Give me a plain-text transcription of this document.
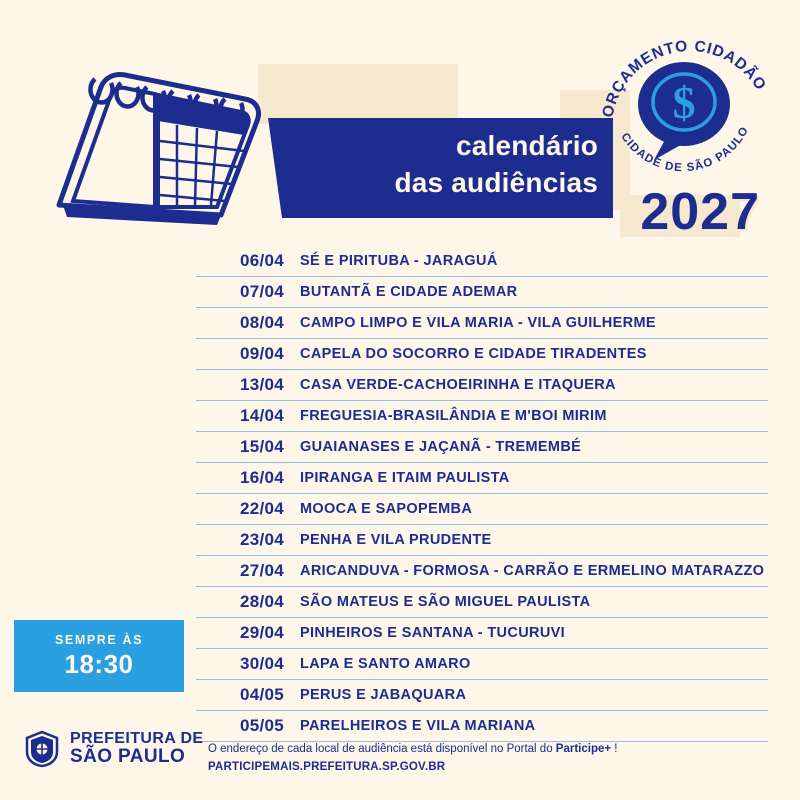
calendário
das audiências
$
ORÇAMENTO CIDADÃO
CIDADE DE SÃO PAULO
2027
06/04	SÉ E PIRITUBA - JARAGUÁ
07/04	BUTANTÃ E CIDADE ADEMAR
08/04	CAMPO LIMPO E VILA MARIA - VILA GUILHERME
09/04	CAPELA DO SOCORRO E CIDADE TIRADENTES
13/04	CASA VERDE-CACHOEIRINHA E ITAQUERA
14/04	FREGUESIA-BRASILÂNDIA E M'BOI MIRIM
15/04	GUAIANASES E JAÇANÃ - TREMEMBÉ
16/04	IPIRANGA E ITAIM PAULISTA
22/04	MOOCA E SAPOPEMBA
23/04	PENHA E VILA PRUDENTE
27/04	ARICANDUVA - FORMOSA - CARRÃO E ERMELINO MATARAZZO
28/04	SÃO MATEUS E SÃO MIGUEL PAULISTA
29/04	PINHEIROS E SANTANA - TUCURUVI
30/04	LAPA E SANTO AMARO
04/05	PERUS E JABAQUARA
05/05	PARELHEIROS E VILA MARIANA
SEMPRE ÀS
18:30
PREFEITURA DE
SÃO PAULO	O endereço de cada local de audiência está disponível no Portal do Participe+ !
PARTICIPEMAIS.PREFEITURA.SP.GOV.BR
